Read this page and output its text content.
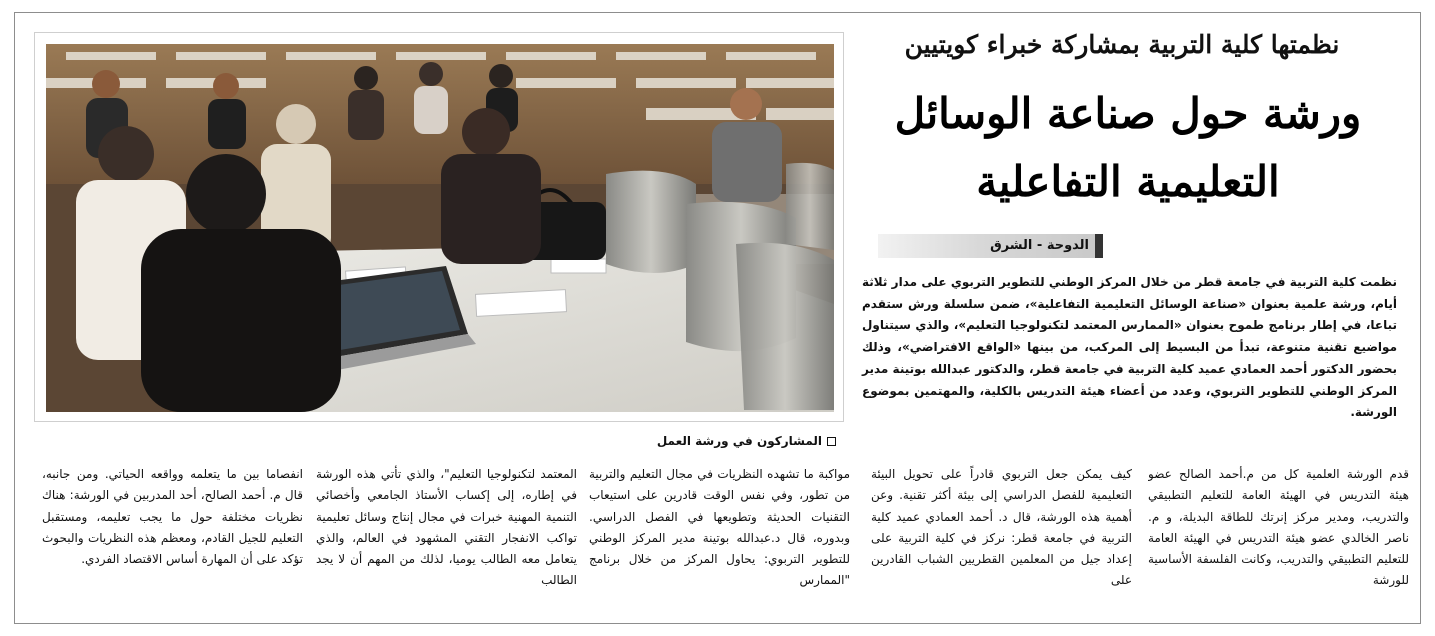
المشاركون في ورشة العمل
نظمتها كلية التربية بمشاركة خبراء كويتيين
ورشة حول صناعة الوسائل التعليمية التفاعلية
الدوحة - الشرق
نظمت كلية التربية في جامعة قطر من خلال المركز الوطني للتطوير التربوي على مدار ثلاثة أيام، ورشة علمية بعنوان «صناعة الوسائل التعليمية التفاعلية»، ضمن سلسلة ورش ستقدم تباعا، في إطار برنامج طموح بعنوان «الممارس المعتمد لتكنولوجيا التعليم»، والذي سيتناول مواضيع تقنية متنوعة، تبدأ من البسيط إلى المركب، من بينها «الواقع الافتراضي»، وذلك بحضور الدكتور أحمد العمادي عميد كلية التربية في جامعة قطر، والدكتور عبدالله بوتينة مدير المركز الوطني للتطوير التربوي، وعدد من أعضاء هيئة التدريس بالكلية، والمهتمين بموضوع الورشة.
قدم الورشة العلمية كل من م.أحمد الصالح عضو هيئة التدريس في الهيئة العامة للتعليم التطبيقي والتدريب، ومدير مركز إنرتك للطاقة البديلة، و م. ناصر الخالدي عضو هيئة التدريس في الهيئة العامة للتعليم التطبيقي والتدريب، وكانت الفلسفة الأساسية للورشة
كيف يمكن جعل التربوي قادراً على تحويل البيئة التعليمية للفصل الدراسي إلى بيئة أكثر تقنية. وعن أهمية هذه الورشة، قال د. أحمد العمادي عميد كلية التربية في جامعة قطر: نركز في كلية التربية على إعداد جيل من المعلمين القطريين الشباب القادرين على
مواكبة ما تشهده النظريات في مجال التعليم والتربية من تطور، وفي نفس الوقت قادرين على استيعاب التقنيات الحديثة وتطويعها في الفصل الدراسي. وبدوره، قال د.عبدالله بوتينة مدير المركز الوطني للتطوير التربوي: يحاول المركز من خلال برنامج "الممارس
المعتمد لتكنولوجيا التعليم"، والذي تأتي هذه الورشة في إطاره، إلى إكساب الأستاذ الجامعي وأخصائي التنمية المهنية خبرات في مجال إنتاج وسائل تعليمية تواكب الانفجار التقني المشهود في العالم، والذي يتعامل معه الطالب يوميا، لذلك من المهم أن لا يجد الطالب
انفصاما بين ما يتعلمه وواقعه الحياتي. ومن جانبه، قال م. أحمد الصالح، أحد المدربين في الورشة: هناك نظريات مختلفة حول ما يجب تعليمه، ومستقبل التعليم للجيل القادم، ومعظم هذه النظريات والبحوث تؤكد على أن المهارة أساس الاقتصاد الفردي.
